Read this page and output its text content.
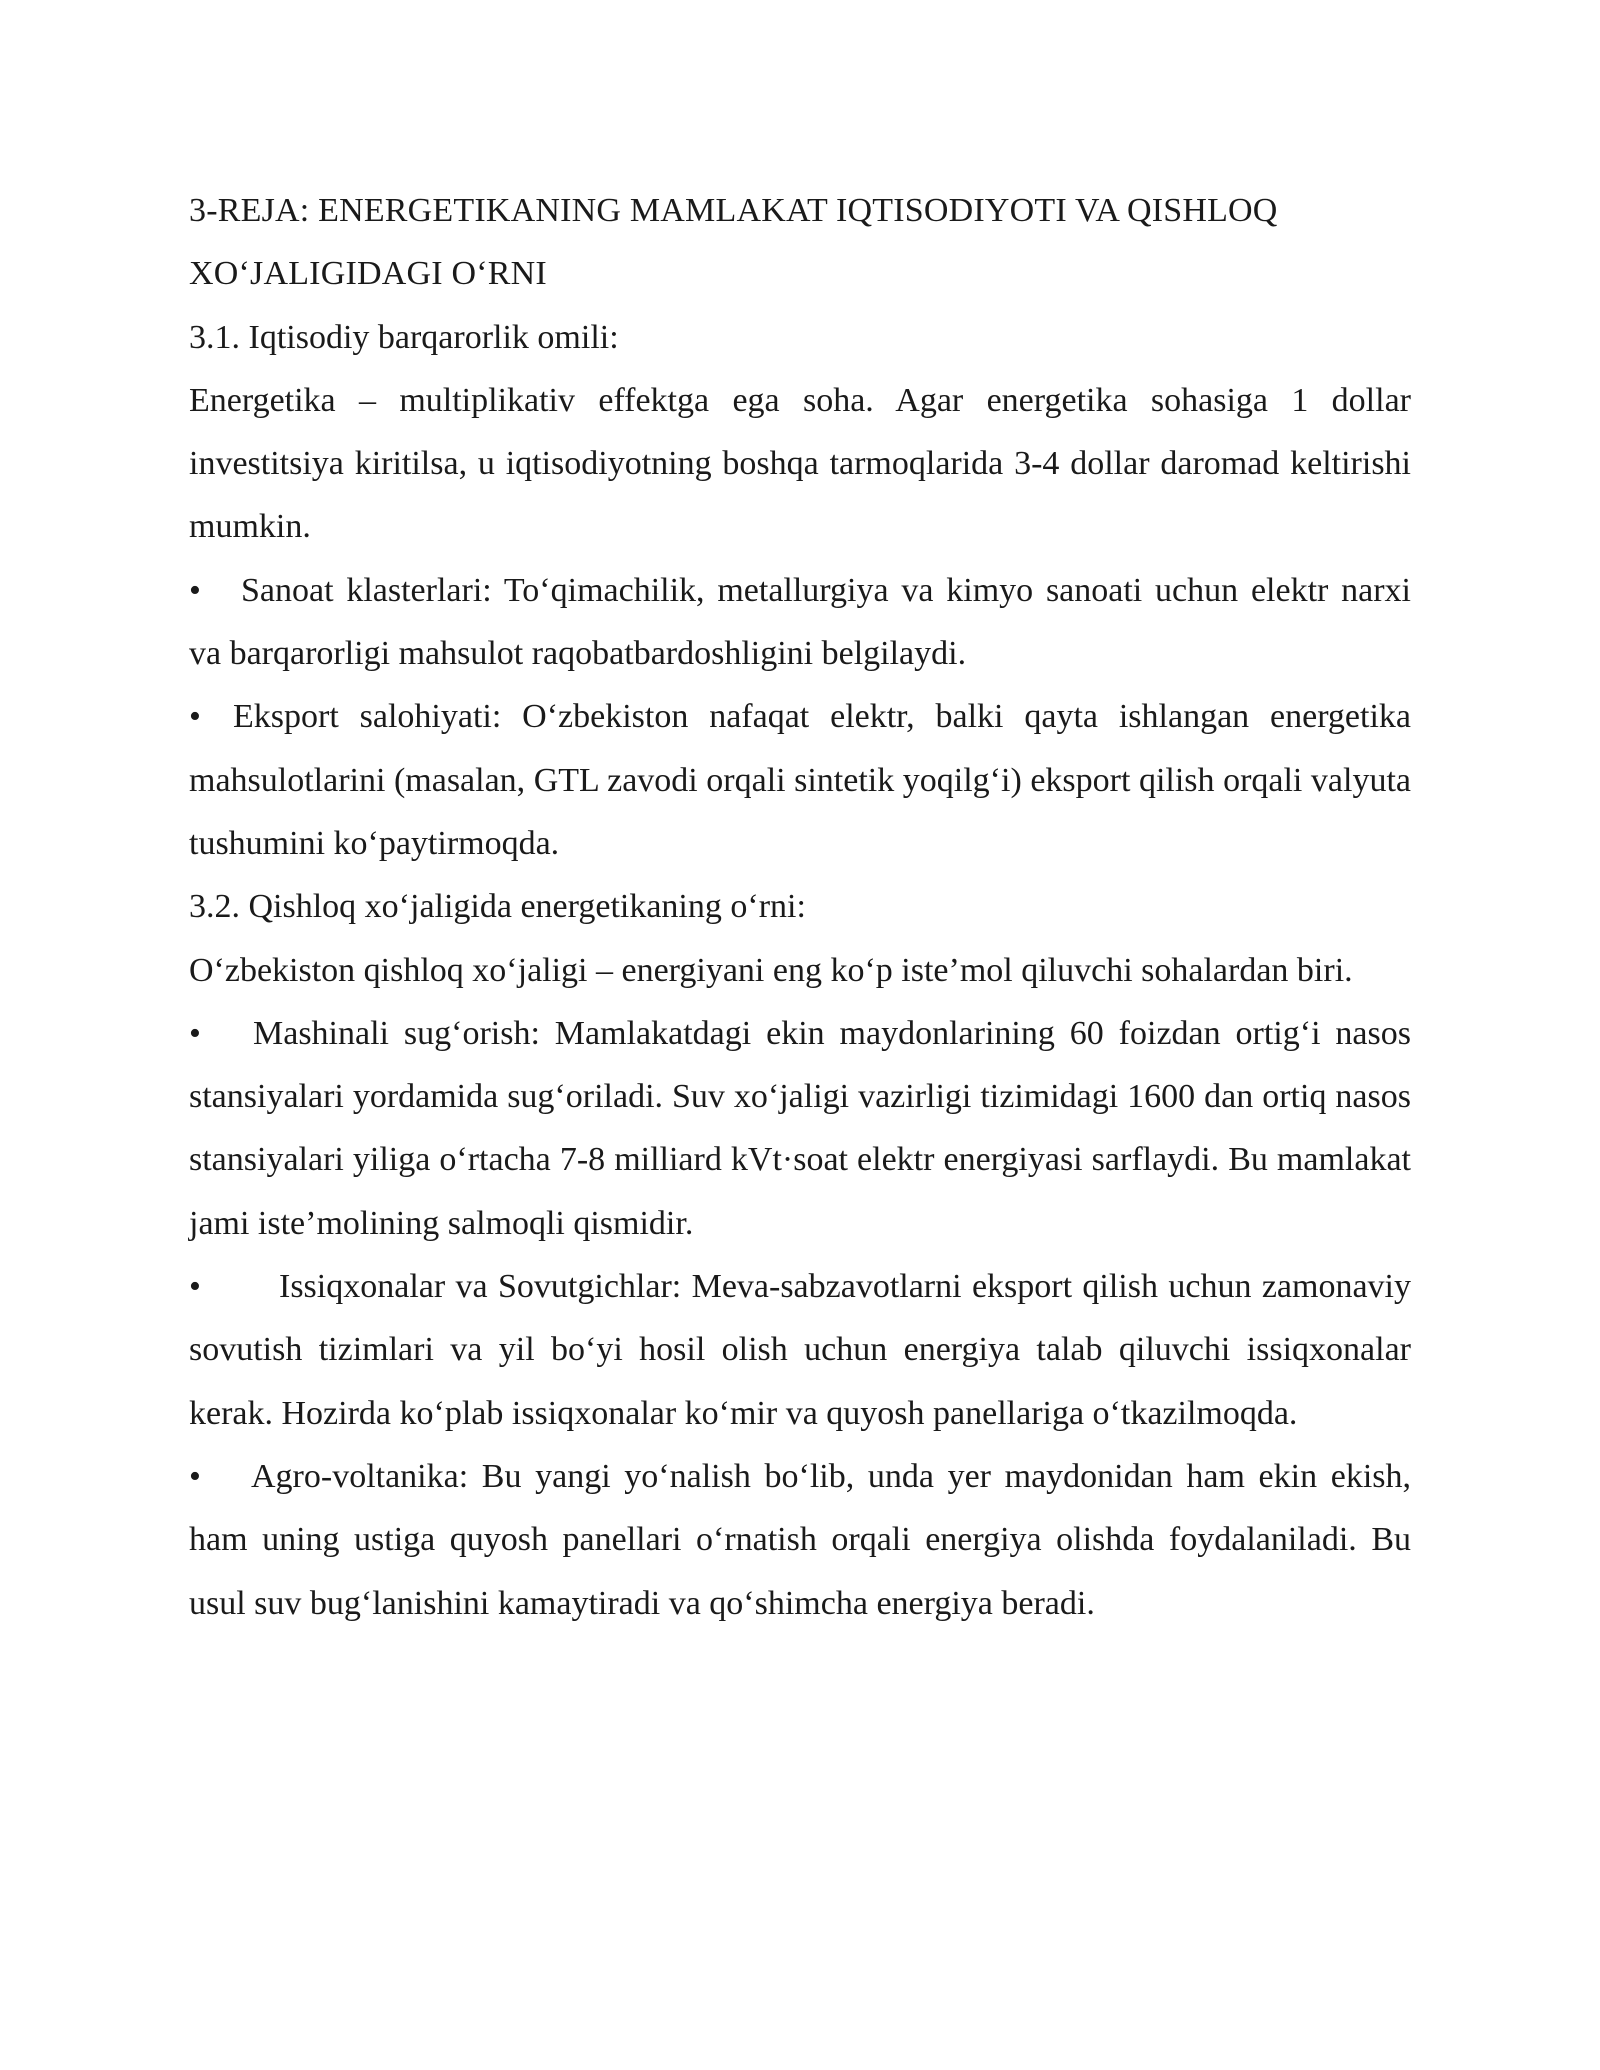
3-REJA: ENERGETIKANING MAMLAKAT IQTISODIYOTI VA QISHLOQ
XO‘JALIGIDAGI O‘RNI

3.1. Iqtisodiy barqarorlik omili:

Energetika – multiplikativ effektga ega soha. Agar energetika sohasiga 1 dollar investitsiya kiritilsa, u iqtisodiyotning boshqa tarmoqlarida 3-4 dollar daromad keltirishi mumkin.

• Sanoat klasterlari: To‘qimachilik, metallurgiya va kimyo sanoati uchun elektr narxi va barqarorligi mahsulot raqobatbardoshligini belgilaydi.

• Eksport salohiyati: O‘zbekiston nafaqat elektr, balki qayta ishlangan energetika mahsulotlarini (masalan, GTL zavodi orqali sintetik yoqilg‘i) eksport qilish orqali valyuta tushumini ko‘paytirmoqda.

3.2. Qishloq xo‘jaligida energetikaning o‘rni:

O‘zbekiston qishloq xo‘jaligi – energiyani eng ko‘p iste’mol qiluvchi sohalardan biri.

• Mashinali sug‘orish: Mamlakatdagi ekin maydonlarining 60 foizdan ortig‘i nasos stansiyalari yordamida sug‘oriladi. Suv xo‘jaligi vazirligi tizimidagi 1600 dan ortiq nasos stansiyalari yiliga o‘rtacha 7-8 milliard kVt·soat elektr energiyasi sarflaydi. Bu mamlakat jami iste’molining salmoqli qismidir.

• Issiqxonalar va Sovutgichlar: Meva-sabzavotlarni eksport qilish uchun zamonaviy sovutish tizimlari va yil bo‘yi hosil olish uchun energiya talab qiluvchi issiqxonalar kerak. Hozirda ko‘plab issiqxonalar ko‘mir va quyosh panellariga o‘tkazilmoqda.

• Agro-voltanika: Bu yangi yo‘nalish bo‘lib, unda yer maydonidan ham ekin ekish, ham uning ustiga quyosh panellari o‘rnatish orqali energiya olishda foydalaniladi. Bu usul suv bug‘lanishini kamaytiradi va qo‘shimcha energiya beradi.
